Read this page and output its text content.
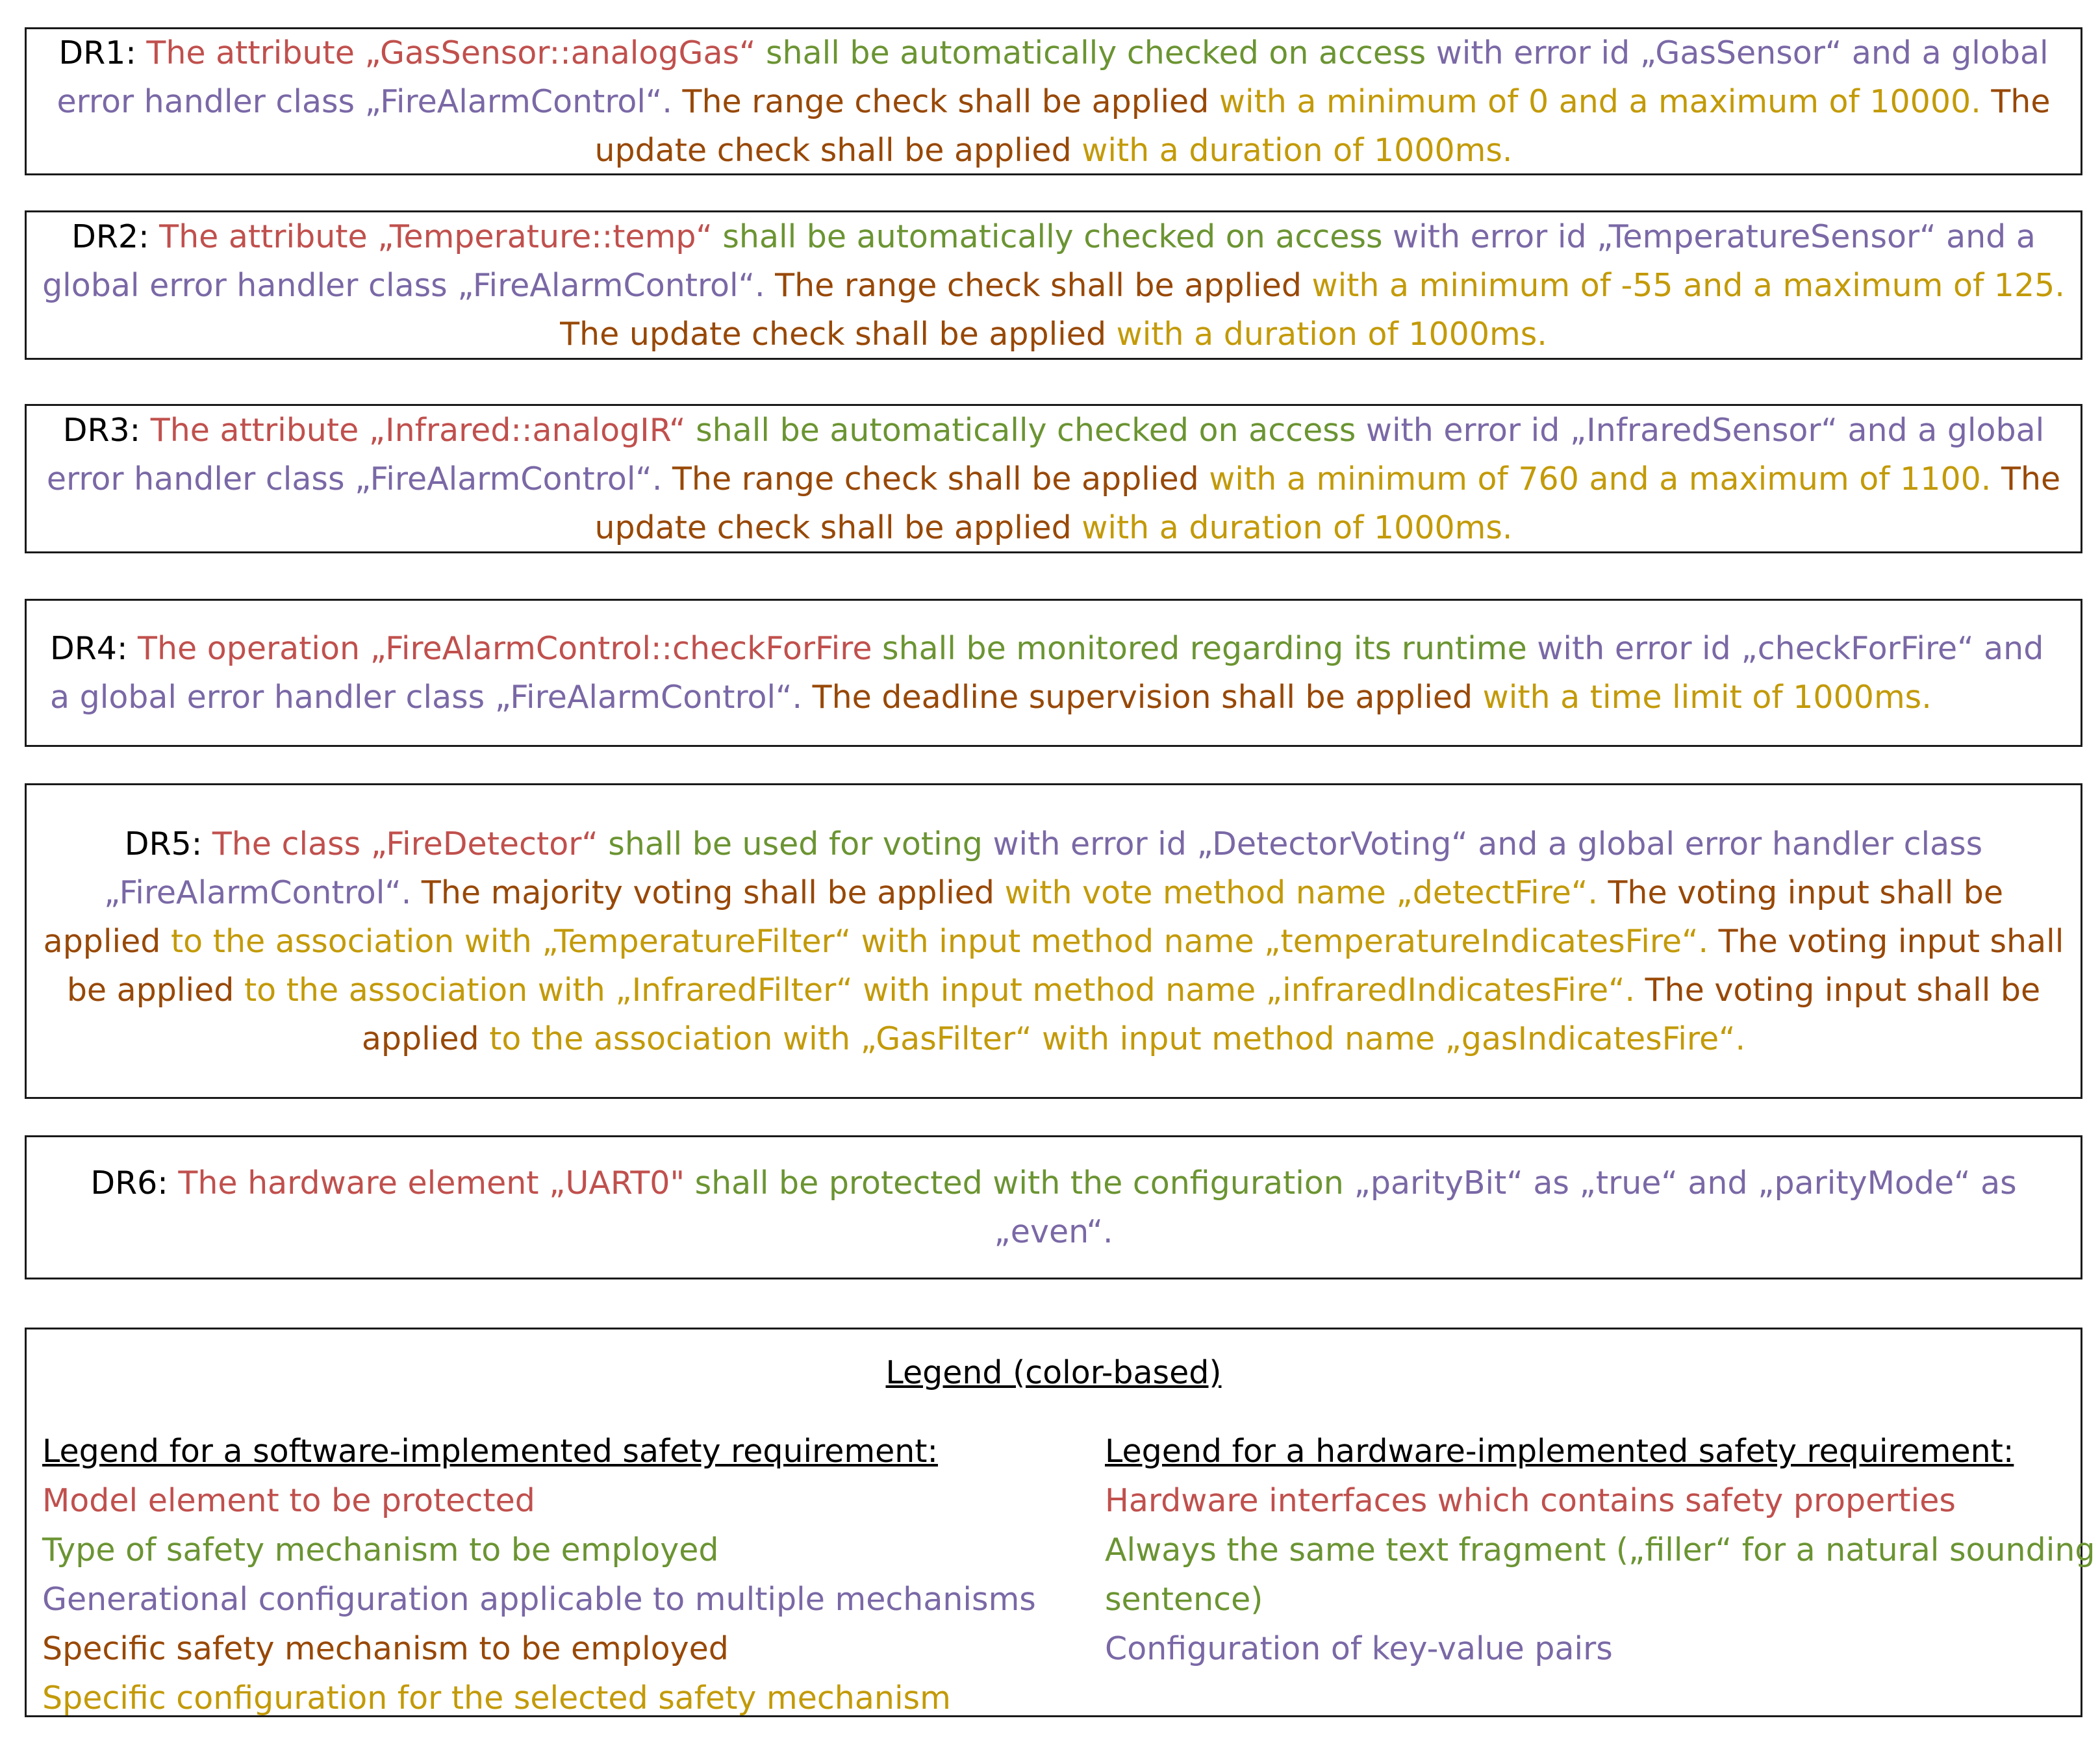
DR1: The attribute „GasSensor::analogGas“ shall be automatically checked on access with error id „GasSensor“ and a global error handler class „FireAlarmControl“. The range check shall be applied with a minimum of 0 and a maximum of 10000. The update check shall be applied with a duration of 1000ms.
DR2: The attribute „Temperature::temp“ shall be automatically checked on access with error id „TemperatureSensor“ and a global error handler class „FireAlarmControl“. The range check shall be applied with a minimum of -55 and a maximum of 125. The update check shall be applied with a duration of 1000ms.
DR3: The attribute „Infrared::analogIR“ shall be automatically checked on access with error id „InfraredSensor“ and a global error handler class „FireAlarmControl“. The range check shall be applied with a minimum of 760 and a maximum of 1100. The update check shall be applied with a duration of 1000ms.
DR4: The operation „FireAlarmControl::checkForFire shall be monitored regarding its runtime with error id „checkForFire“ and a global error handler class „FireAlarmControl“. The deadline supervision shall be applied with a time limit of 1000ms.
DR5: The class „FireDetector“ shall be used for voting with error id „DetectorVoting“ and a global error handler class „FireAlarmControl“. The majority voting shall be applied with vote method name „detectFire“. The voting input shall be applied to the association with „TemperatureFilter“ with input method name „temperatureIndicatesFire“. The voting input shall be applied to the association with „InfraredFilter“ with input method name „infraredIndicatesFire“. The voting input shall be applied to the association with „GasFilter“ with input method name „gasIndicatesFire“.
DR6: The hardware element „UART0" shall be protected with the configuration „parityBit“ as „true“ and „parityMode“ as „even“.
Legend (color-based)
Legend for a software-implemented safety requirement:
Model element to be protected
Type of safety mechanism to be employed
Generational configuration applicable to multiple mechanisms
Specific safety mechanism to be employed
Specific configuration for the selected safety mechanism
Legend for a hardware-implemented safety requirement:
Hardware interfaces which contains safety properties
Always the same text fragment („filler“ for a natural sounding sentence)
Configuration of key-value pairs
